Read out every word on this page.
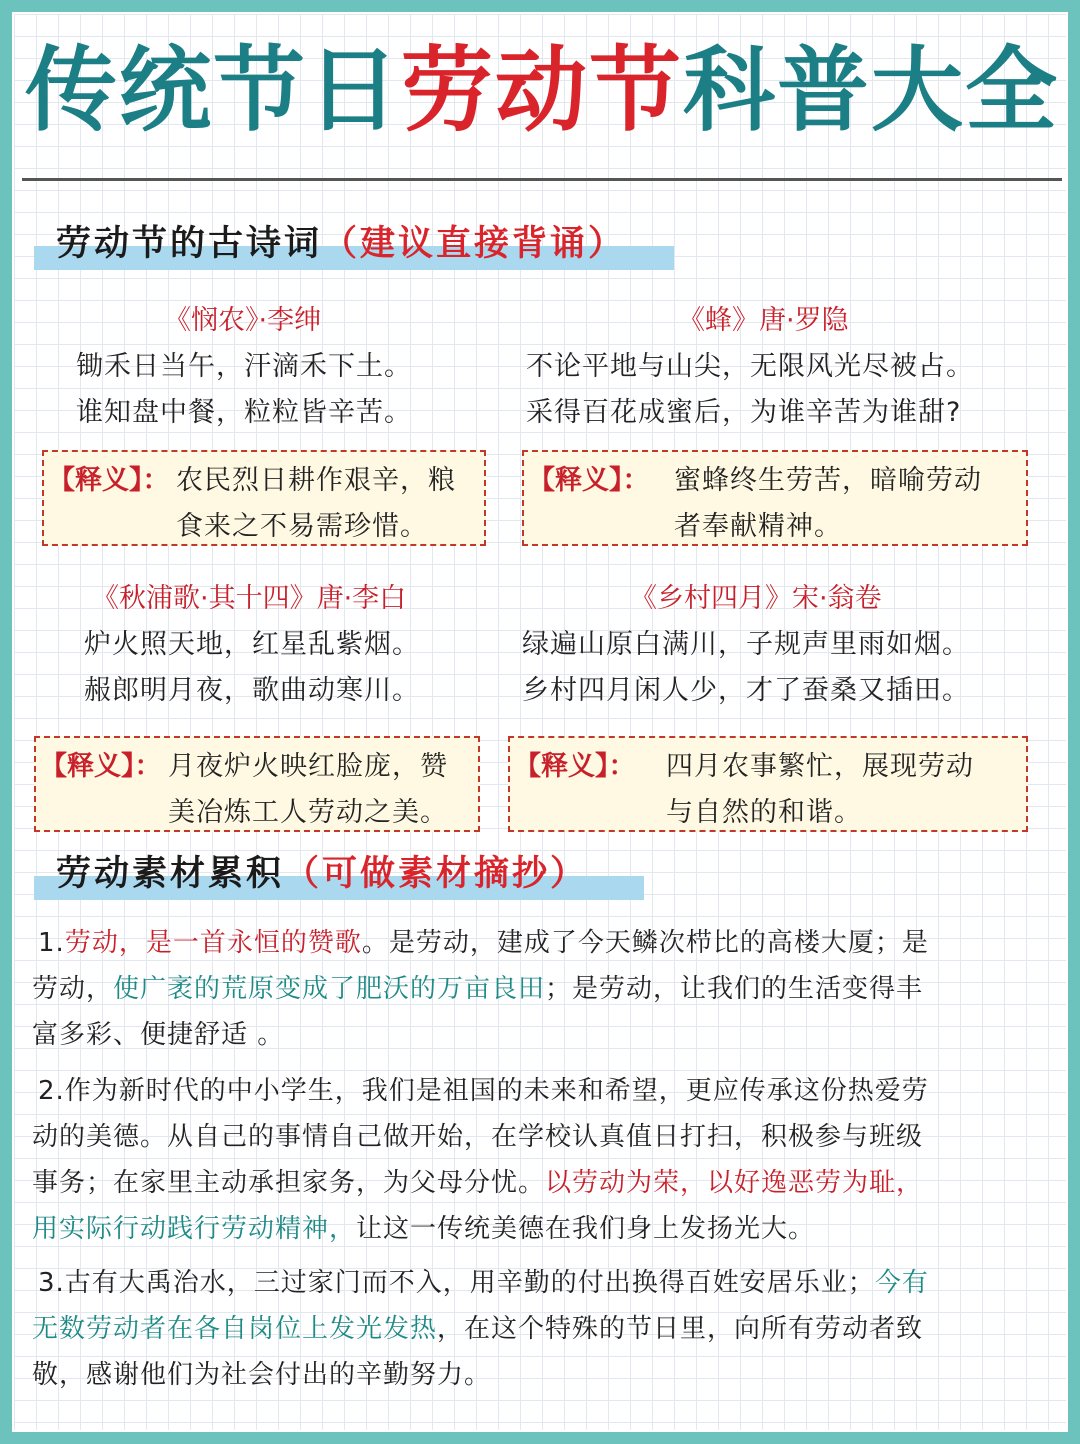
传统节日劳动节科普大全
劳动节的古诗词（建议直接背诵）
《悯农》·李绅
锄禾日当午，汗滴禾下土。
谁知盘中餐，粒粒皆辛苦。
【释义】： 农民烈日耕作艰辛，粮
食来之不易需珍惜。
《蜂》唐·罗隐
不论平地与山尖，无限风光尽被占。
采得百花成蜜后，为谁辛苦为谁甜?
【释义】： 蜜蜂终生劳苦，暗喻劳动
者奉献精神。
《秋浦歌·其十四》唐·李白
炉火照天地，红星乱紫烟。
赧郎明月夜，歌曲动寒川。
【释义】： 月夜炉火映红脸庞，赞
美冶炼工人劳动之美。
《乡村四月》宋·翁卷
绿遍山原白满川，子规声里雨如烟。
乡村四月闲人少，才了蚕桑又插田。
【释义】： 四月农事繁忙，展现劳动
与自然的和谐。
劳动素材累积（可做素材摘抄）
1.劳动，是一首永恒的赞歌。是劳动，建成了今天鳞次栉比的高楼大厦；是
劳动，使广袤的荒原变成了肥沃的万亩良田；是劳动，让我们的生活变得丰
富多彩、便捷舒适 。
2.作为新时代的中小学生，我们是祖国的未来和希望，更应传承这份热爱劳
动的美德。从自己的事情自己做开始，在学校认真值日打扫，积极参与班级
事务；在家里主动承担家务，为父母分忧。以劳动为荣，以好逸恶劳为耻，
用实际行动践行劳动精神，让这一传统美德在我们身上发扬光大。
3.古有大禹治水，三过家门而不入，用辛勤的付出换得百姓安居乐业；今有
无数劳动者在各自岗位上发光发热，在这个特殊的节日里，向所有劳动者致
敬，感谢他们为社会付出的辛勤努力。
